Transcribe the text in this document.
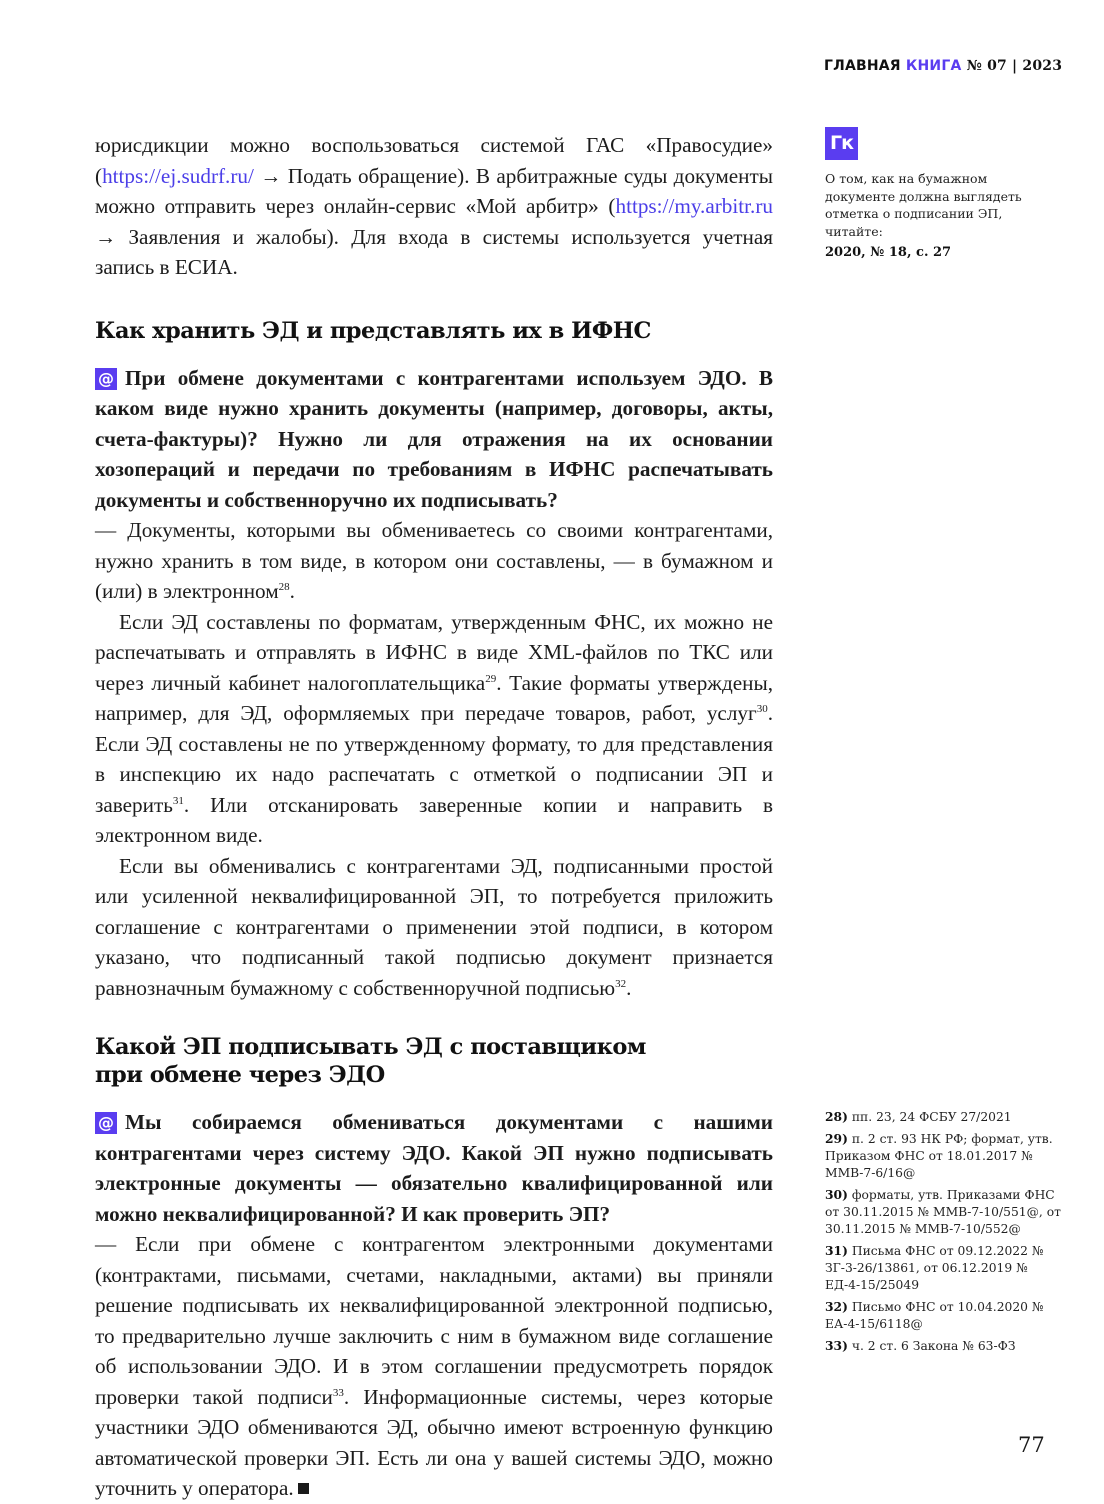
ГЛАВНАЯ КНИГА № 07 | 2023

юрисдикции можно воспользоваться системой ГАС «Правосудие» (https://ej.sudrf.ru/ → Подать обращение). В арбитражные суды документы можно отправить через онлайн-сервис «Мой арбитр» (https://my.arbitr.ru → Заявления и жалобы). Для входа в системы используется учетная запись в ЕСИА.

Как хранить ЭД и представлять их в ИФНС

@ При обмене документами с контрагентами используем ЭДО. В каком виде нужно хранить документы (например, договоры, акты, счета-фактуры)? Нужно ли для отражения на их основании хозопераций и передачи по требованиям в ИФНС распечатывать документы и собственноручно их подписывать?

— Документы, которыми вы обмениваетесь со своими контрагентами, нужно хранить в том виде, в котором они составлены, — в бумажном и (или) в электронном$^{28}$.

Если ЭД составлены по форматам, утвержденным ФНС, их можно не распечатывать и отправлять в ИФНС в виде XML-файлов по ТКС или через личный кабинет налогоплательщика$^{29}$. Такие форматы утверждены, например, для ЭД, оформляемых при передаче товаров, работ, услуг$^{30}$. Если ЭД составлены не по утвержденному формату, то для представления в инспекцию их надо распечатать с отметкой о подписании ЭП и заверить$^{31}$. Или отсканировать заверенные копии и направить в электронном виде.

Если вы обменивались с контрагентами ЭД, подписанными простой или усиленной неквалифицированной ЭП, то потребуется приложить соглашение с контрагентами о применении этой подписи, в котором указано, что подписанный такой подписью документ признается равнозначным бумажному с собственноручной подписью$^{32}$.

Какой ЭП подписывать ЭД с поставщиком
при обмене через ЭДО

@ Мы собираемся обмениваться документами с нашими контрагентами через систему ЭДО. Какой ЭП нужно подписывать электронные документы — обязательно квалифицированной или можно неквалифицированной? И как проверить ЭП?

— Если при обмене с контрагентом электронными документами (контрактами, письмами, счетами, накладными, актами) вы приняли решение подписывать их неквалифицированной электронной подписью, то предварительно лучше заключить с ним в бумажном виде соглашение об использовании ЭДО. И в этом соглашении предусмотреть порядок проверки такой подписи$^{33}$. Информационные системы, через которые участники ЭДО обмениваются ЭД, обычно имеют встроенную функцию автоматической проверки ЭП. Есть ли она у вашей системы ЭДО, можно уточнить у оператора.

Гк
О том, как на бумажном документе должна выглядеть отметка о подписании ЭП, читайте:
2020, № 18, с. 27
28) пп. 23, 24 ФСБУ 27/2021
29) п. 2 ст. 93 НК РФ; формат, утв. Приказом ФНС от 18.01.2017 № ММВ-7-6/16@
30) форматы, утв. Приказами ФНС от 30.11.2015 № ММВ-7-10/551@, от 30.11.2015 № ММВ-7-10/552@
31) Письма ФНС от 09.12.2022 № ЗГ-3-26/13861, от 06.12.2019 № ЕД-4-15/25049
32) Письмо ФНС от 10.04.2020 № ЕА-4-15/6118@
33) ч. 2 ст. 6 Закона № 63-ФЗ
77
